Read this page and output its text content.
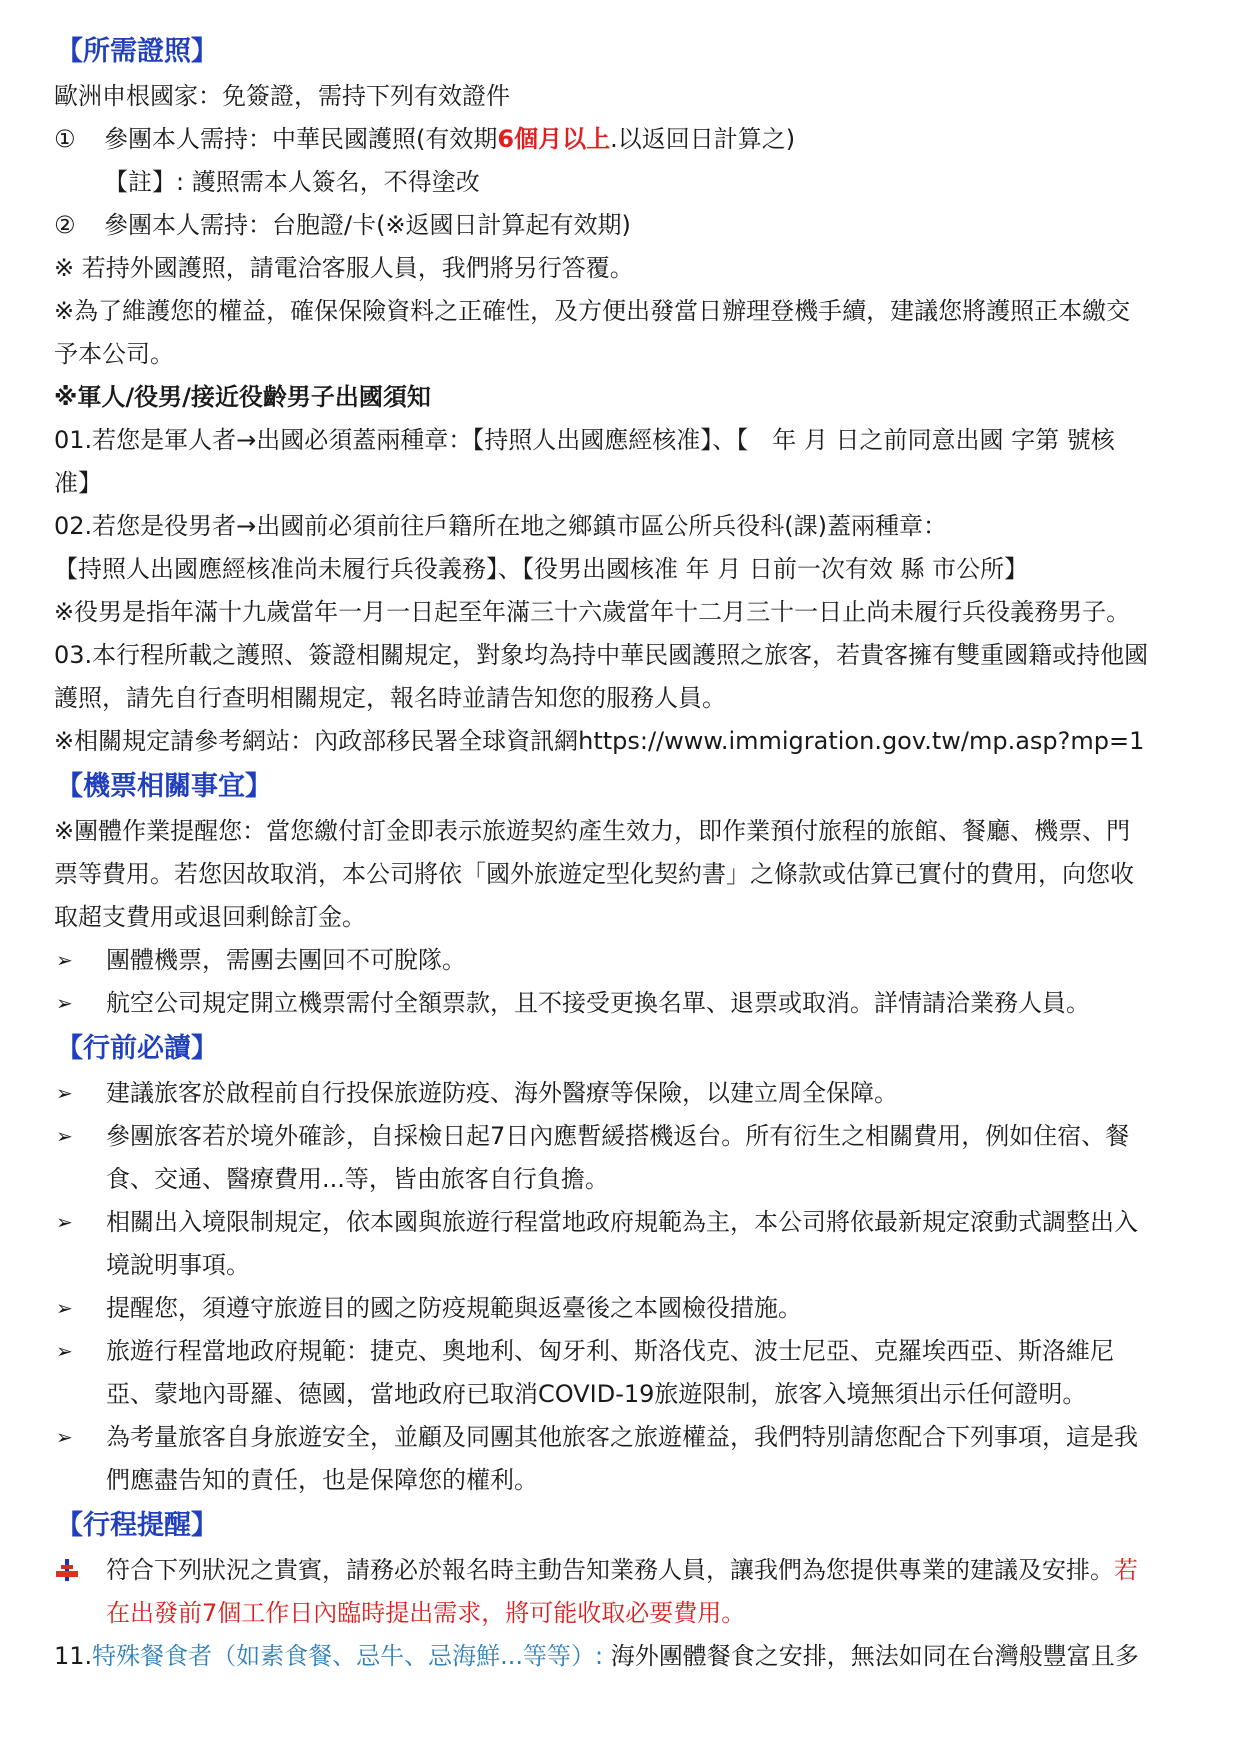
【所需證照】
歐洲申根國家：免簽證，需持下列有效證件
①	參團本人需持：中華民國護照(有效期6個月以上.以返回日計算之)
【註】: 護照需本人簽名，不得塗改
②	參團本人需持：台胞證/卡(※返國日計算起有效期)
※ 若持外國護照，請電洽客服人員，我們將另行答覆。
※為了維護您的權益，確保保險資料之正確性，及方便出發當日辦理登機手續，建議您將護照正本繳交
予本公司。
※軍人/役男/接近役齡男子出國須知
01.若您是軍人者→出國必須蓋兩種章：【持照人出國應經核准】、【　年 月 日之前同意出國 字第 號核
准】
02.若您是役男者→出國前必須前往戶籍所在地之鄉鎮市區公所兵役科(課)蓋兩種章：
【持照人出國應經核准尚未履行兵役義務】、【役男出國核准 年 月 日前一次有效 縣 市公所】
※役男是指年滿十九歲當年一月一日起至年滿三十六歲當年十二月三十一日止尚未履行兵役義務男子。
03.本行程所載之護照、簽證相關規定，對象均為持中華民國護照之旅客，若貴客擁有雙重國籍或持他國
護照，請先自行查明相關規定，報名時並請告知您的服務人員。
※相關規定請參考網站：內政部移民署全球資訊網https://www.immigration.gov.tw/mp.asp?mp=1
【機票相關事宜】
※團體作業提醒您：當您繳付訂金即表示旅遊契約產生效力，即作業預付旅程的旅館、餐廳、機票、門
票等費用。若您因故取消，本公司將依「國外旅遊定型化契約書」之條款或估算已實付的費用，向您收
取超支費用或退回剩餘訂金。
➢	團體機票，需團去團回不可脫隊。
➢	航空公司規定開立機票需付全額票款，且不接受更換名單、退票或取消。詳情請洽業務人員。
【行前必讀】
➢	建議旅客於啟程前自行投保旅遊防疫、海外醫療等保險，以建立周全保障。
➢	參團旅客若於境外確診，自採檢日起7日內應暫緩搭機返台。所有衍生之相關費用，例如住宿、餐
食、交通、醫療費用...等，皆由旅客自行負擔。
➢	相關出入境限制規定，依本國與旅遊行程當地政府規範為主，本公司將依最新規定滾動式調整出入
境說明事項。
➢	提醒您，須遵守旅遊目的國之防疫規範與返臺後之本國檢役措施。
➢	旅遊行程當地政府規範：捷克、奧地利、匈牙利、斯洛伐克、波士尼亞、克羅埃西亞、斯洛維尼
亞、蒙地內哥羅、德國，當地政府已取消COVID-19旅遊限制，旅客入境無須出示任何證明。
➢	為考量旅客自身旅遊安全，並顧及同團其他旅客之旅遊權益，我們特別請您配合下列事項，這是我
們應盡告知的責任，也是保障您的權利。
【行程提醒】
符合下列狀況之貴賓，請務必於報名時主動告知業務人員，讓我們為您提供專業的建議及安排。若
在出發前7個工作日內臨時提出需求，將可能收取必要費用。
11.特殊餐食者（如素食餐、忌牛、忌海鮮...等等）: 海外團體餐食之安排，無法如同在台灣般豐富且多
